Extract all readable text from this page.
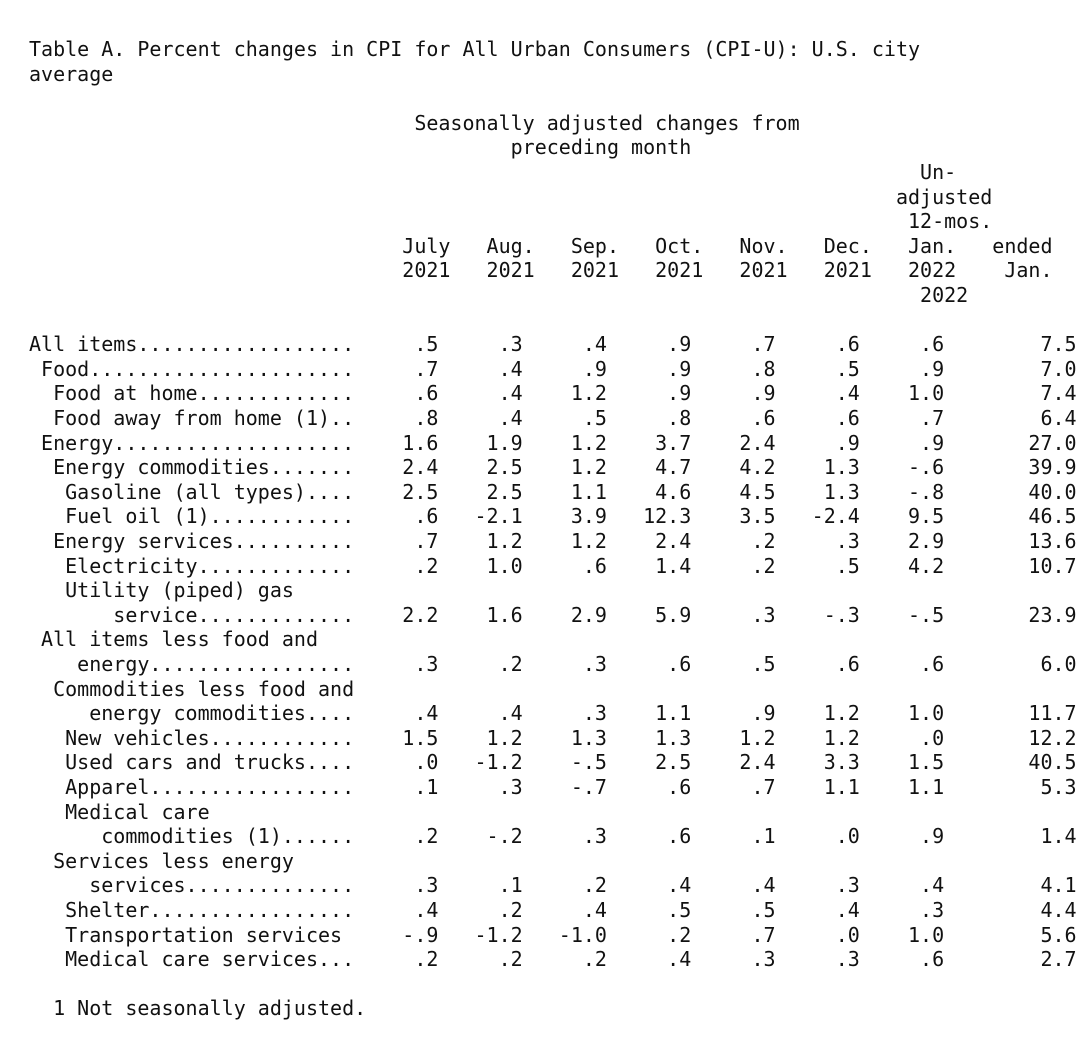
Table A. Percent changes in CPI for All Urban Consumers (CPI-U): U.S. city
average
Seasonally adjusted changes from
preceding month
Un-
adjusted
12-mos.
July   Aug.   Sep.   Oct.   Nov.   Dec.   Jan.   ended
2021   2021   2021   2021   2021   2021   2022    Jan.
2022
All items..................     .5     .3     .4     .9     .7     .6     .6        7.5
Food......................     .7     .4     .9     .9     .8     .5     .9        7.0
Food at home.............     .6     .4    1.2     .9     .9     .4    1.0        7.4
Food away from home (1)..     .8     .4     .5     .8     .6     .6     .7        6.4
Energy....................    1.6    1.9    1.2    3.7    2.4     .9     .9       27.0
Energy commodities.......    2.4    2.5    1.2    4.7    4.2    1.3    -.6       39.9
Gasoline (all types)....    2.5    2.5    1.1    4.6    4.5    1.3    -.8       40.0
Fuel oil (1)............     .6   -2.1    3.9   12.3    3.5   -2.4    9.5       46.5
Energy services..........     .7    1.2    1.2    2.4     .2     .3    2.9       13.6
Electricity.............     .2    1.0     .6    1.4     .2     .5    4.2       10.7
Utility (piped) gas
service.............    2.2    1.6    2.9    5.9     .3    -.3    -.5       23.9
All items less food and
energy.................     .3     .2     .3     .6     .5     .6     .6        6.0
Commodities less food and
energy commodities....     .4     .4     .3    1.1     .9    1.2    1.0       11.7
New vehicles............    1.5    1.2    1.3    1.3    1.2    1.2     .0       12.2
Used cars and trucks....     .0   -1.2    -.5    2.5    2.4    3.3    1.5       40.5
Apparel.................     .1     .3    -.7     .6     .7    1.1    1.1        5.3
Medical care
commodities (1)......     .2    -.2     .3     .6     .1     .0     .9        1.4
Services less energy
services..............     .3     .1     .2     .4     .4     .3     .4        4.1
Shelter.................     .4     .2     .4     .5     .5     .4     .3        4.4
Transportation services     -.9   -1.2   -1.0     .2     .7     .0    1.0        5.6
Medical care services...     .2     .2     .2     .4     .3     .3     .6        2.7
1 Not seasonally adjusted.
